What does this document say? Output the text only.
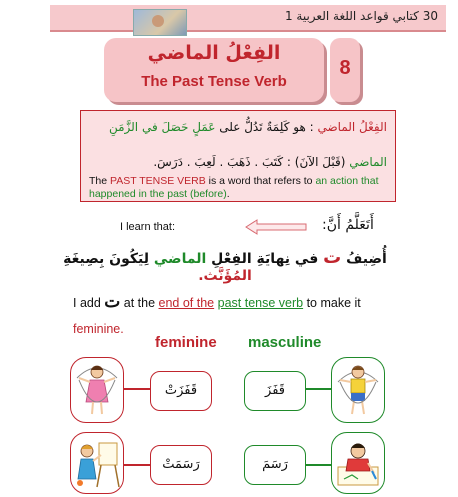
30 كتابي قواعد اللغة العربية 1
الفِعْلُ الماضي
The Past Tense Verb
8
الفِعْلُ الماضي : هو كَلِمَةٌ تَدُلُّ على عَمَلٍ حَصَلَ في الزَّمَنِ
الماضي (قَبْلَ الآنَ) : كَتَبَ . ذَهَبَ . لَعِبَ . دَرَسَ.
The PAST TENSE VERB is a word that refers to an action that happened in the past (before).
I learn that:	أَتَعَلَّمُ أَنَّ:
أُضِيفُ ت في نِهايَةِ الفِعْلِ الماضي لِيَكُونَ بِصِيغَةِ المُؤَنَّث.
I add ت at the end of the past tense verb to make it
feminine.
feminine masculine
قَفَزَتْ	قَفَزَ
رَسَمَتْ	رَسَمَ
